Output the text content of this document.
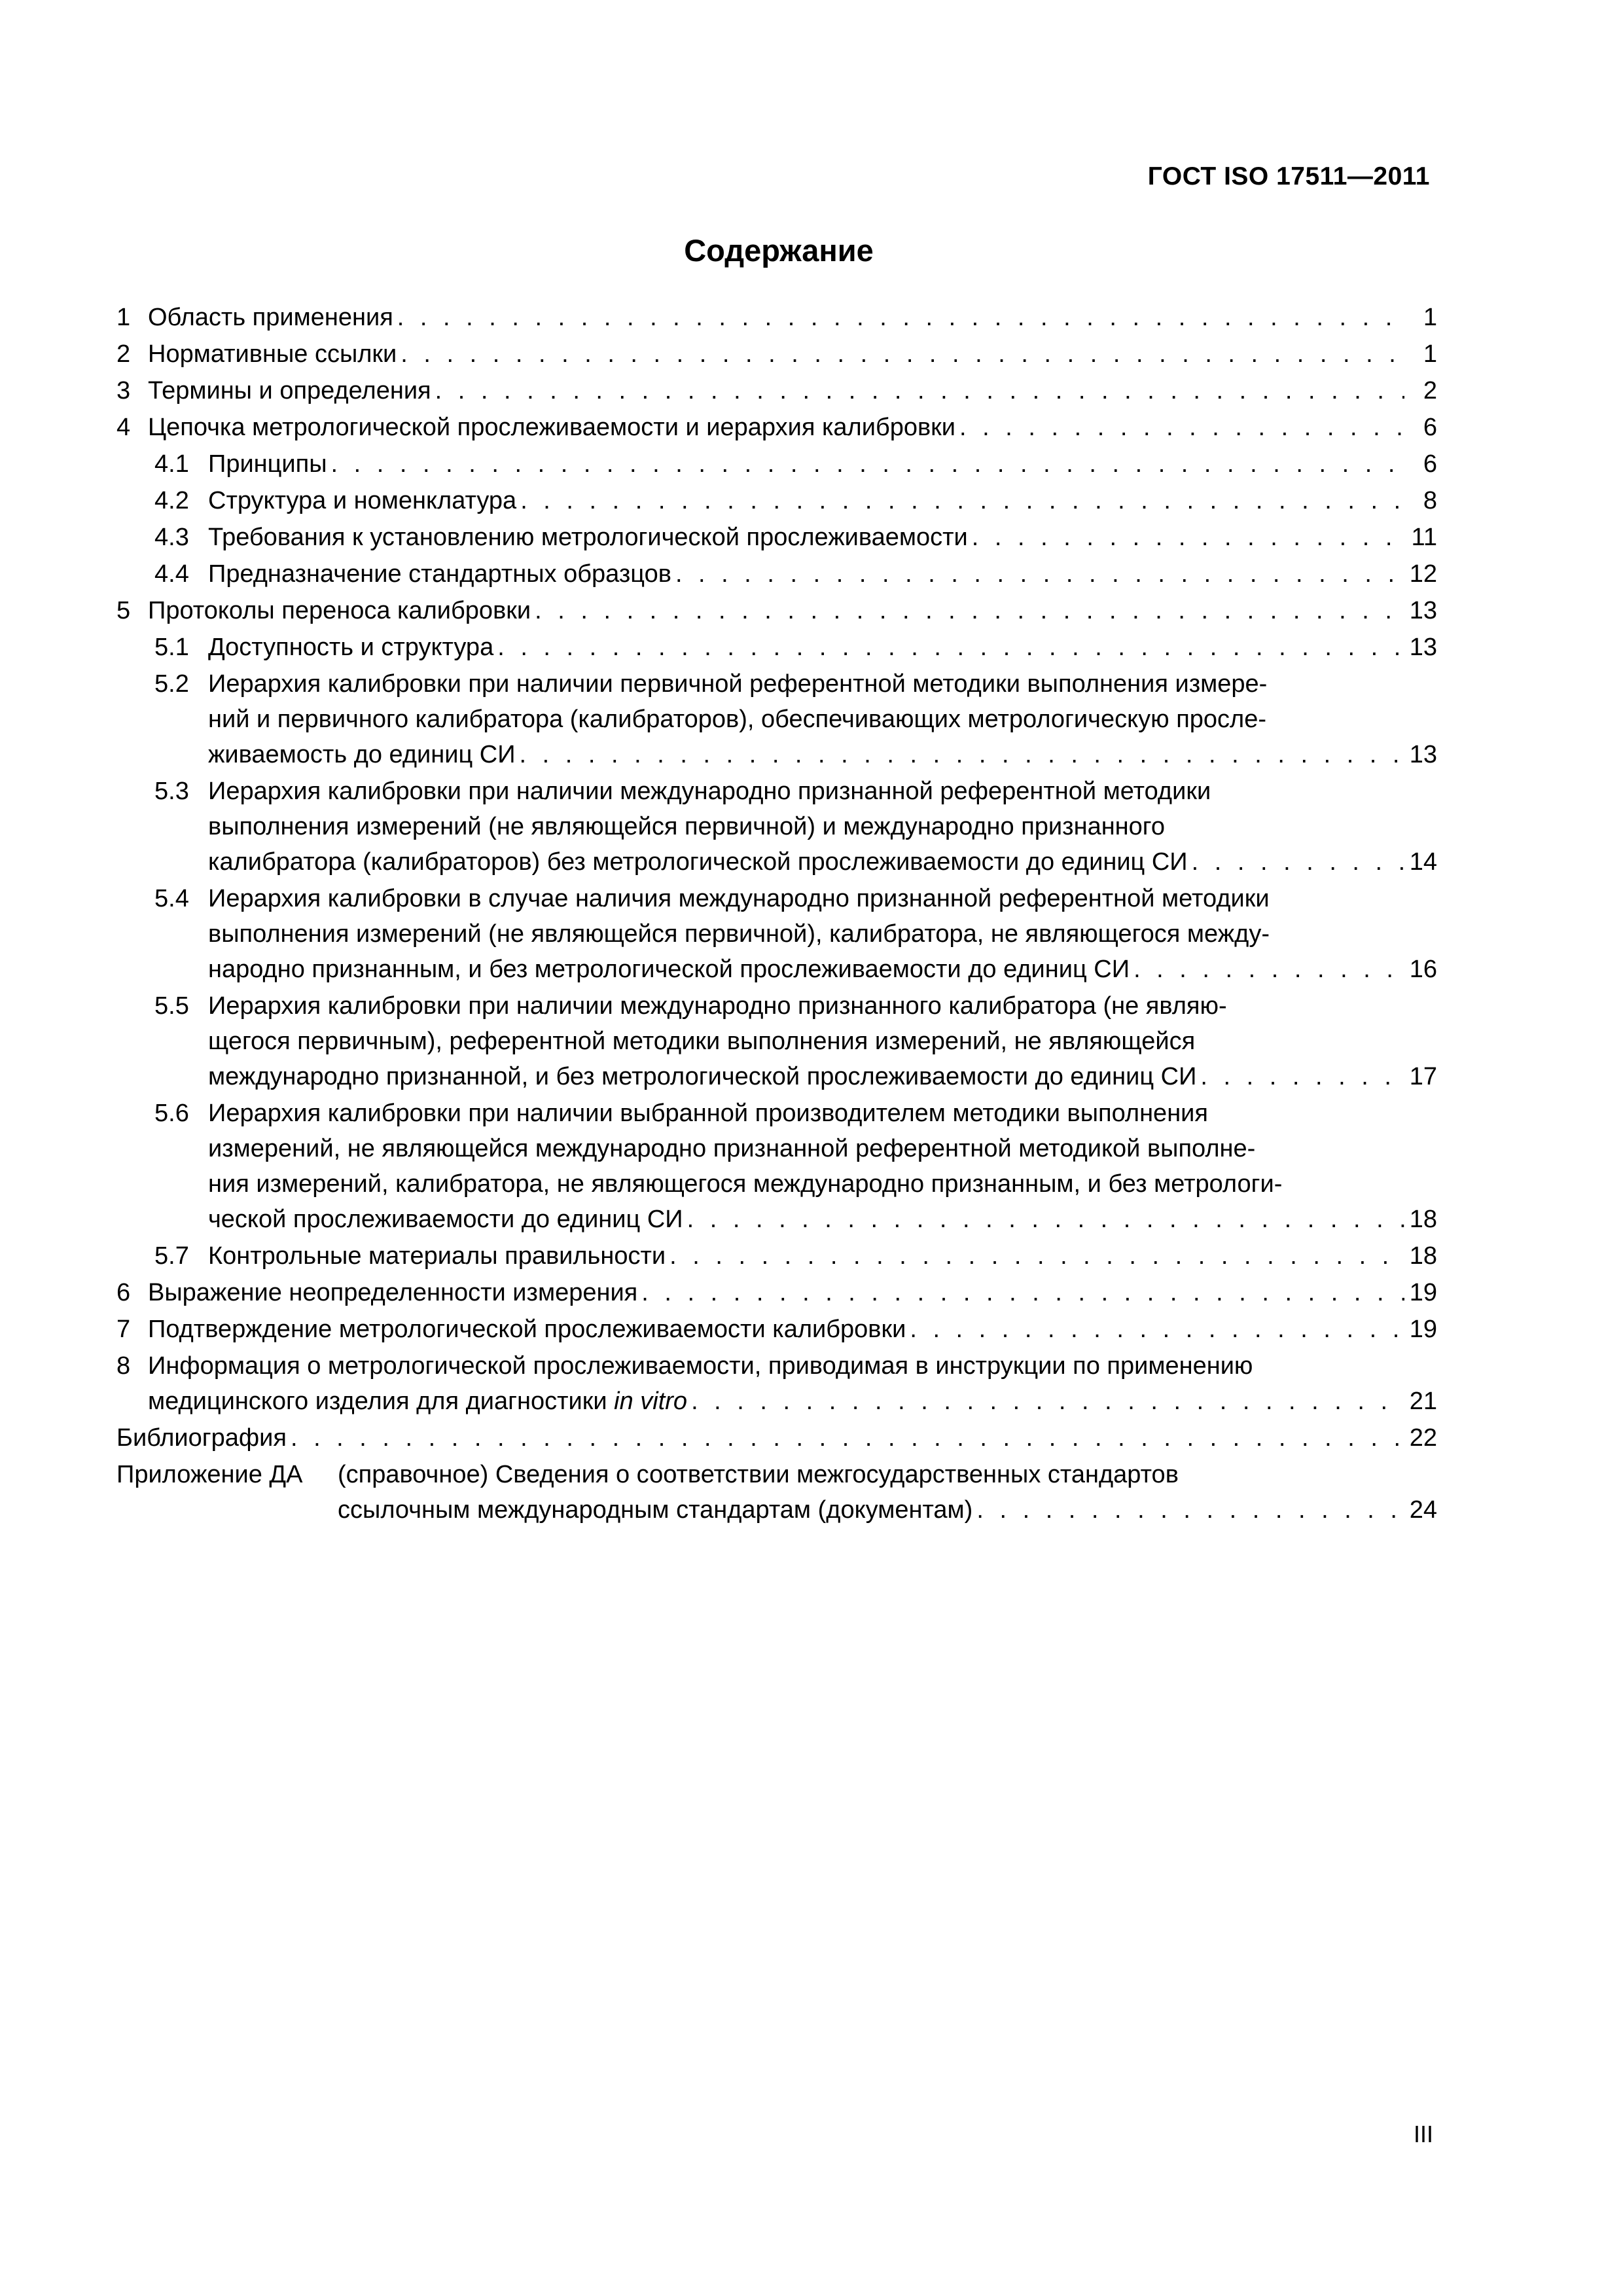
ГОСТ ISO 17511—2011
Содержание
1 Область применения . . .	1
2 Нормативные ссылки . . .	1
3 Термины и определения . . .	2
4 Цепочка метрологической прослеживаемости и иерархия калибровки . . .	6
4.1 Принципы . . .	6
4.2 Структура и номенклатура . . .	8
4.3 Требования к установлению метрологической прослеживаемости . . .	11
4.4 Предназначение стандартных образцов . . .	12
5 Протоколы переноса калибровки . . .	13
5.1 Доступность и структура . . .	13
5.2 Иерархия калибровки при наличии первичной референтной методики выполнения измере-
ний и первичного калибратора (калибраторов), обеспечивающих метрологическую просле-
живаемость до единиц СИ . . .	13
5.3 Иерархия калибровки при наличии международно признанной референтной методики
выполнения измерений (не являющейся первичной) и международно признанного
калибратора (калибраторов) без метрологической прослеживаемости до единиц СИ . . .	14
5.4 Иерархия калибровки в случае наличия международно признанной референтной методики
выполнения измерений (не являющейся первичной), калибратора, не являющегося между-
народно признанным, и без метрологической прослеживаемости до единиц СИ . . .	16
5.5 Иерархия калибровки при наличии международно признанного калибратора (не являю-
щегося первичным), референтной методики выполнения измерений, не являющейся
международно признанной, и без метрологической прослеживаемости до единиц СИ . . .	17
5.6 Иерархия калибровки при наличии выбранной производителем методики выполнения
измерений, не являющейся международно признанной референтной методикой выполне-
ния измерений, калибратора, не являющегося международно признанным, и без метрологи-
ческой прослеживаемости до единиц СИ . . .	18
5.7 Контрольные материалы правильности . . .	18
6 Выражение неопределенности измерения . . .	19
7 Подтверждение метрологической прослеживаемости калибровки . . .	19
8 Информация о метрологической прослеживаемости, приводимая в инструкции по применению
медицинского изделия для диагностики in vitro . . .	21
Библиография . . .	22
Приложение ДА	(справочное) Сведения о соответствии межгосударственных стандартов
ссылочным международным стандартам (документам) . . .	24
III
